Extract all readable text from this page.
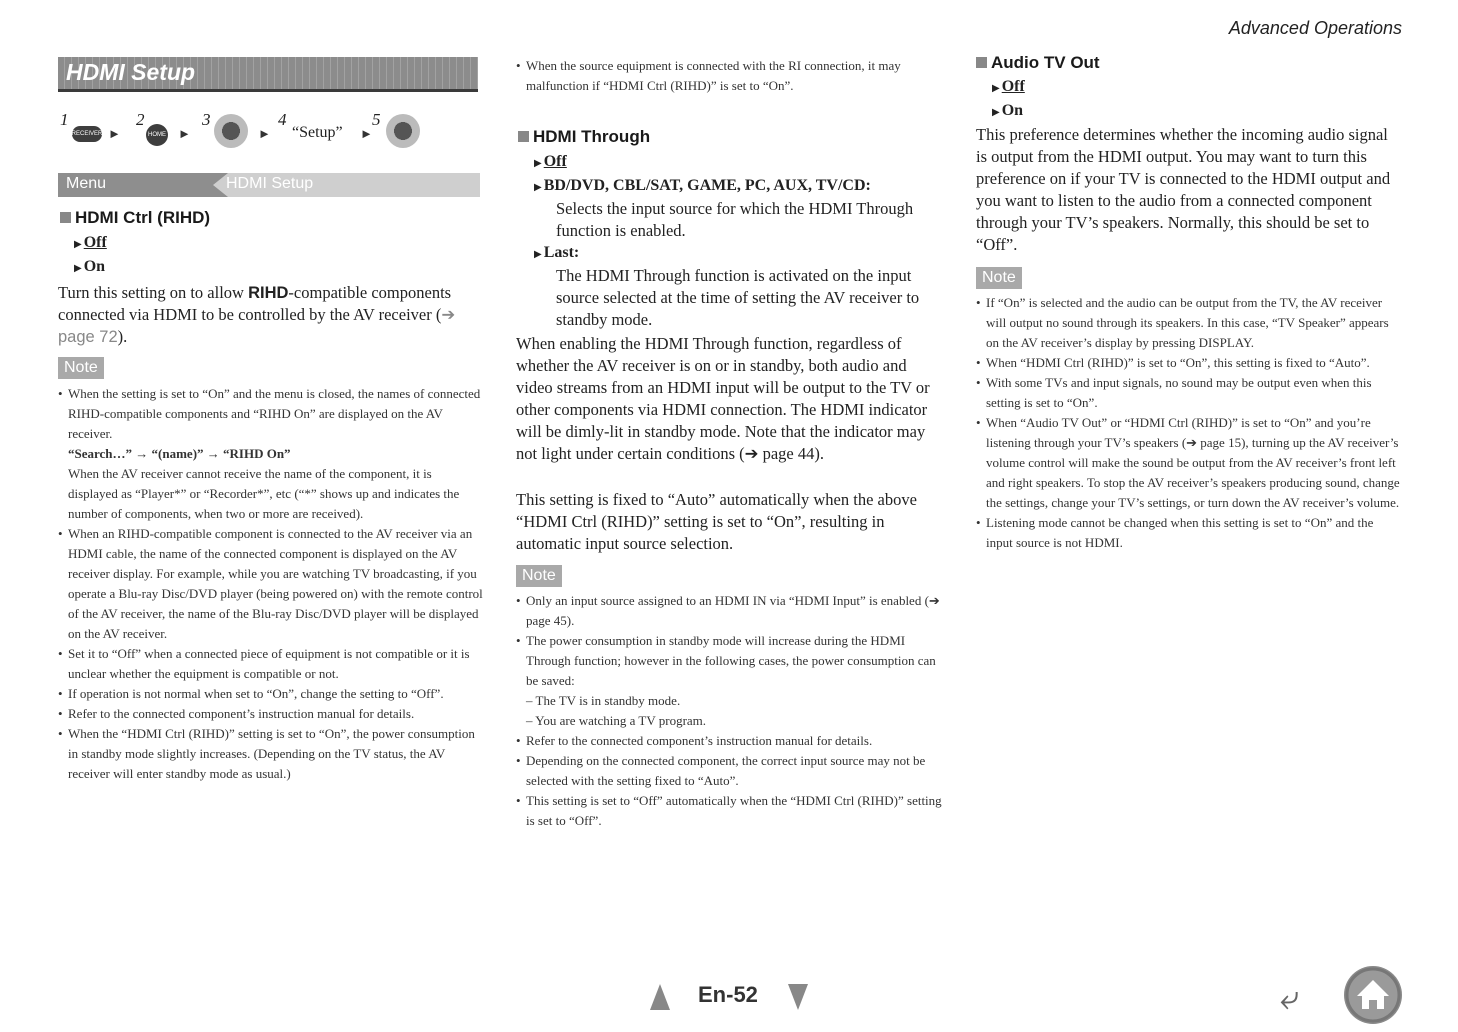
Advanced Operations
HDMI Setup
1
RECEIVER ►
2
HOME ►
3
►
4
“Setup” ►
5
Menu	HDMI Setup
HDMI Ctrl (RIHD)
▶ Off
▶ On
Turn this setting on to allow RIHD-compatible components connected via HDMI to be controlled by the AV receiver (➔ page 72).
Note
• When the setting is set to “On” and the menu is closed, the names of connected RIHD-compatible components and “RIHD On” are displayed on the AV receiver.
“Search…” → “(name)” → “RIHD On”
When the AV receiver cannot receive the name of the component, it is displayed as “Player*” or “Recorder*”, etc (“*” shows up and indicates the number of components, when two or more are received).
• When an RIHD-compatible component is connected to the AV receiver via an HDMI cable, the name of the connected component is displayed on the AV receiver display. For example, while you are watching TV broadcasting, if you operate a Blu-ray Disc/DVD player (being powered on) with the remote control of the AV receiver, the name of the Blu-ray Disc/DVD player will be displayed on the AV receiver.
• Set it to “Off” when a connected piece of equipment is not compatible or it is unclear whether the equipment is compatible or not.
• If operation is not normal when set to “On”, change the setting to “Off”.
• Refer to the connected component’s instruction manual for details.
• When the “HDMI Ctrl (RIHD)” setting is set to “On”, the power consumption in standby mode slightly increases. (Depending on the TV status, the AV receiver will enter standby mode as usual.)
• When the source equipment is connected with the RI connection, it may malfunction if “HDMI Ctrl (RIHD)” is set to “On”.
HDMI Through
▶ Off
▶ BD/DVD, CBL/SAT, GAME, PC, AUX, TV/CD:
Selects the input source for which the HDMI Through function is enabled.
▶ Last:
The HDMI Through function is activated on the input source selected at the time of setting the AV receiver to standby mode.
When enabling the HDMI Through function, regardless of whether the AV receiver is on or in standby, both audio and video streams from an HDMI input will be output to the TV or other components via HDMI connection. The HDMI indicator will be dimly-lit in standby mode. Note that the indicator may not light under certain conditions (➔ page 44).
This setting is fixed to “Auto” automatically when the above “HDMI Ctrl (RIHD)” setting is set to “On”, resulting in automatic input source selection.
Note
• Only an input source assigned to an HDMI IN via “HDMI Input” is enabled (➔ page 45).
• The power consumption in standby mode will increase during the HDMI Through function; however in the following cases, the power consumption can be saved:
– The TV is in standby mode.
– You are watching a TV program.
• Refer to the connected component’s instruction manual for details.
• Depending on the connected component, the correct input source may not be selected with the setting fixed to “Auto”.
• This setting is set to “Off” automatically when the “HDMI Ctrl (RIHD)” setting is set to “Off”.
Audio TV Out
▶ Off
▶ On
This preference determines whether the incoming audio signal is output from the HDMI output. You may want to turn this preference on if your TV is connected to the HDMI output and you want to listen to the audio from a connected component through your TV’s speakers. Normally, this should be set to “Off”.
Note
• If “On” is selected and the audio can be output from the TV, the AV receiver will output no sound through its speakers. In this case, “TV Speaker” appears on the AV receiver’s display by pressing DISPLAY.
• When “HDMI Ctrl (RIHD)” is set to “On”, this setting is fixed to “Auto”.
• With some TVs and input signals, no sound may be output even when this setting is set to “On”.
• When “Audio TV Out” or “HDMI Ctrl (RIHD)” is set to “On” and you’re listening through your TV’s speakers (➔ page 15), turning up the AV receiver’s volume control will make the sound be output from the AV receiver’s front left and right speakers. To stop the AV receiver’s speakers producing sound, change the settings, change your TV’s settings, or turn down the AV receiver’s volume.
• Listening mode cannot be changed when this setting is set to “On” and the input source is not HDMI.
En-52	⤶
